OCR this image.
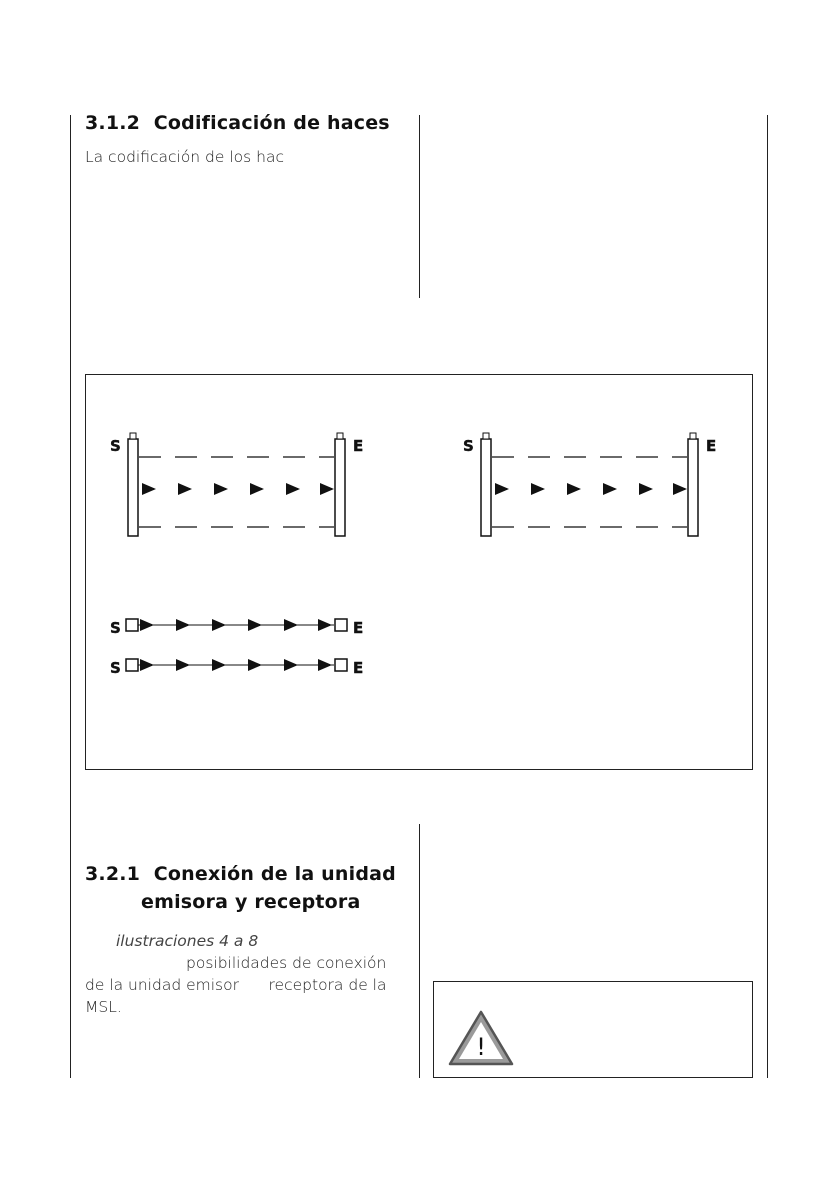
3.1.2 Codificación de haces
La codificación de los hac
S	E	S	E
S	E
S	E
3.2.1 Conexión de la unidad
emisora y receptora
ilustraciones 4 a 8
posibilidades de conexión
de la unidad emisor      receptora de la
MSL.
!
